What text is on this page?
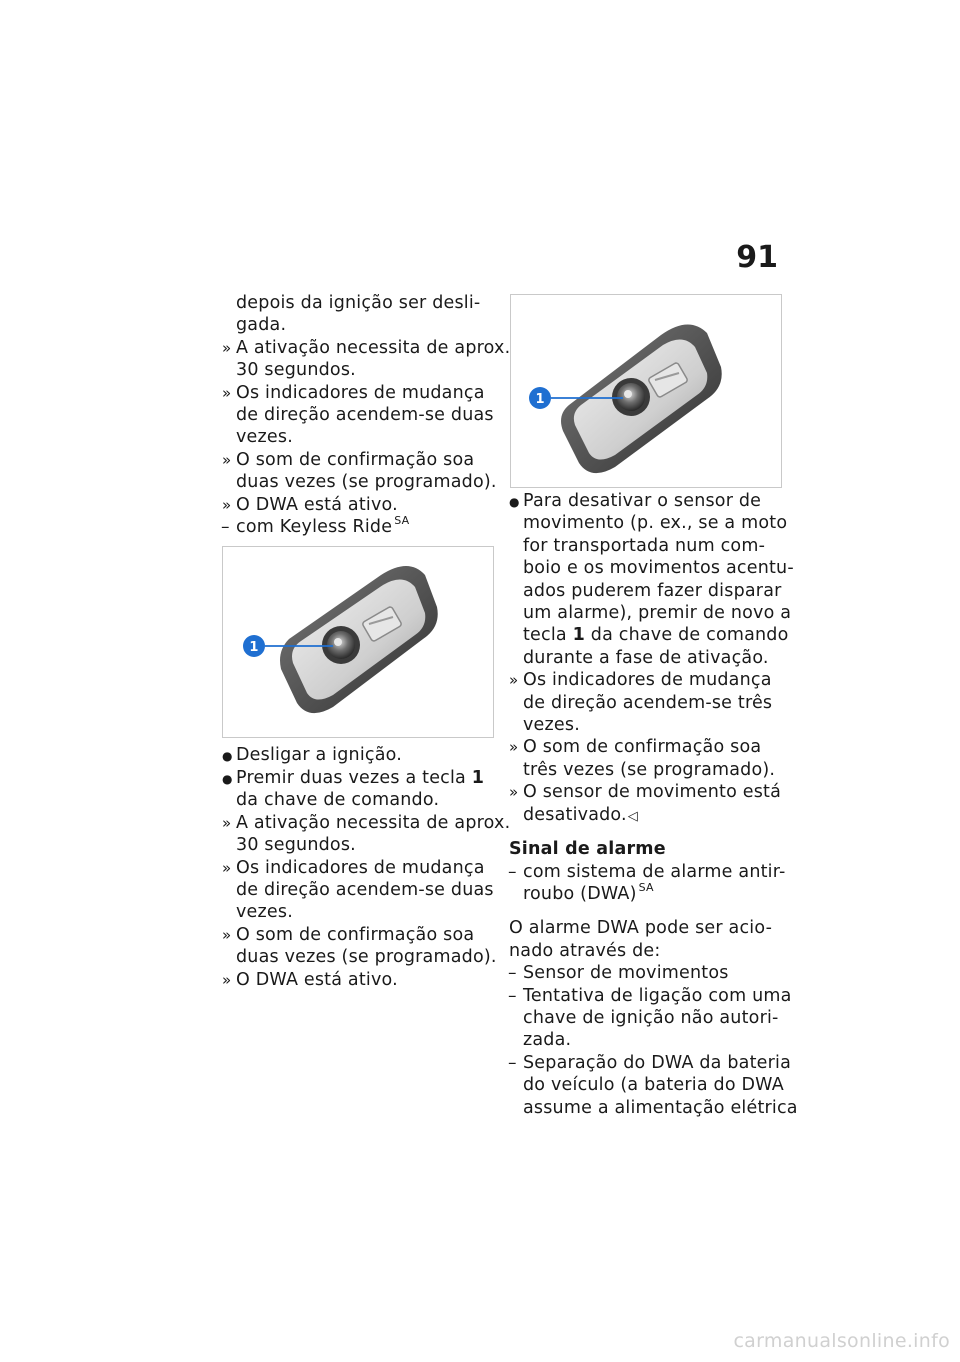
91
1
depois da ignição ser desli-
gada.
» A ativação necessita de aprox.
30 segundos.
» Os indicadores de mudança
de direção acendem-se duas
vezes.
» O som de confirmação soa
duas vezes (se programado).
» O DWA está ativo.
– com Keyless Ride $^{SA}$
1
● Desligar a ignição.
● Premir duas vezes a tecla 1
da chave de comando.
» A ativação necessita de aprox.
30 segundos.
» Os indicadores de mudança
de direção acendem-se duas
vezes.
» O som de confirmação soa
duas vezes (se programado).
» O DWA está ativo.
● Para desativar o sensor de
movimento (p. ex., se a moto
for transportada num com-
boio e os movimentos acentu-
ados puderem fazer disparar
um alarme), premir de novo a
tecla 1 da chave de comando
durante a fase de ativação.
» Os indicadores de mudança
de direção acendem-se três
vezes.
» O som de confirmação soa
três vezes (se programado).
» O sensor de movimento está
desativado.◁
Sinal de alarme
– com sistema de alarme antir-
roubo (DWA) $^{SA}$
O alarme DWA pode ser acio-
nado através de:
– Sensor de movimentos
– Tentativa de ligação com uma
chave de ignição não autori-
zada.
– Separação do DWA da bateria
do veículo (a bateria do DWA
assume a alimentação elétrica
carmanualsonline.info
